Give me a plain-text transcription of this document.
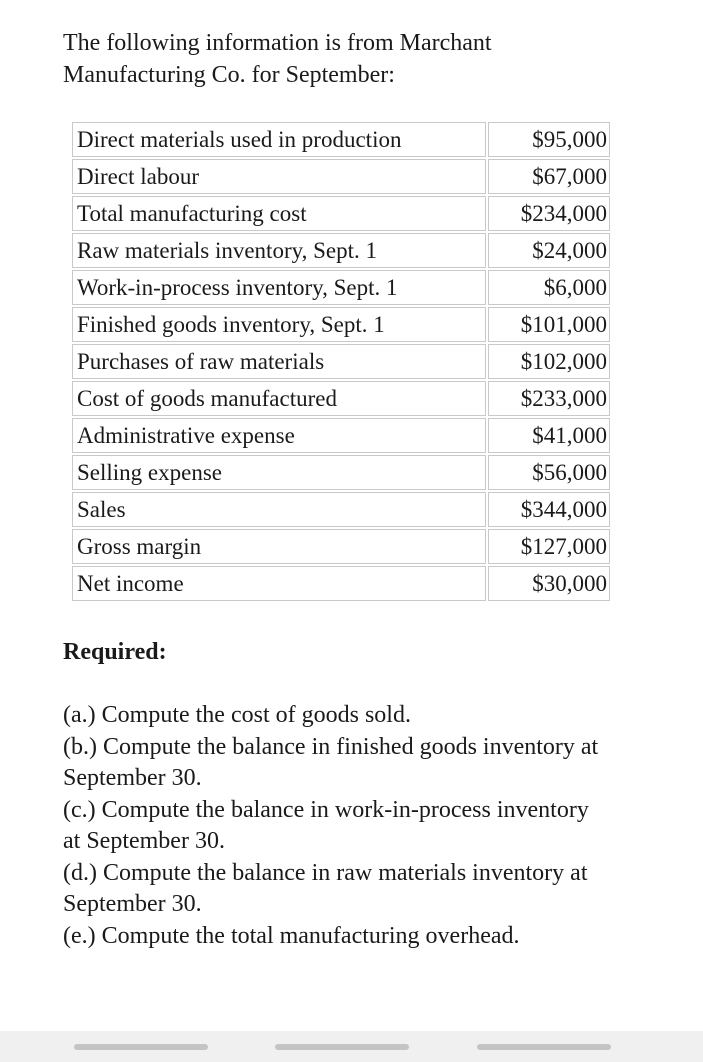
The following information is from Marchant
Manufacturing Co. for September:
Direct materials used in production	$95,000
Direct labour	$67,000
Total manufacturing cost	$234,000
Raw materials inventory, Sept. 1	$24,000
Work-in-process inventory, Sept. 1	$6,000
Finished goods inventory, Sept. 1	$101,000
Purchases of raw materials	$102,000
Cost of goods manufactured	$233,000
Administrative expense	$41,000
Selling expense	$56,000
Sales	$344,000
Gross margin	$127,000
Net income	$30,000
Required:
(a.) Compute the cost of goods sold.
(b.) Compute the balance in finished goods inventory at
September 30.
(c.) Compute the balance in work-in-process inventory
at September 30.
(d.) Compute the balance in raw materials inventory at
September 30.
(e.) Compute the total manufacturing overhead.
